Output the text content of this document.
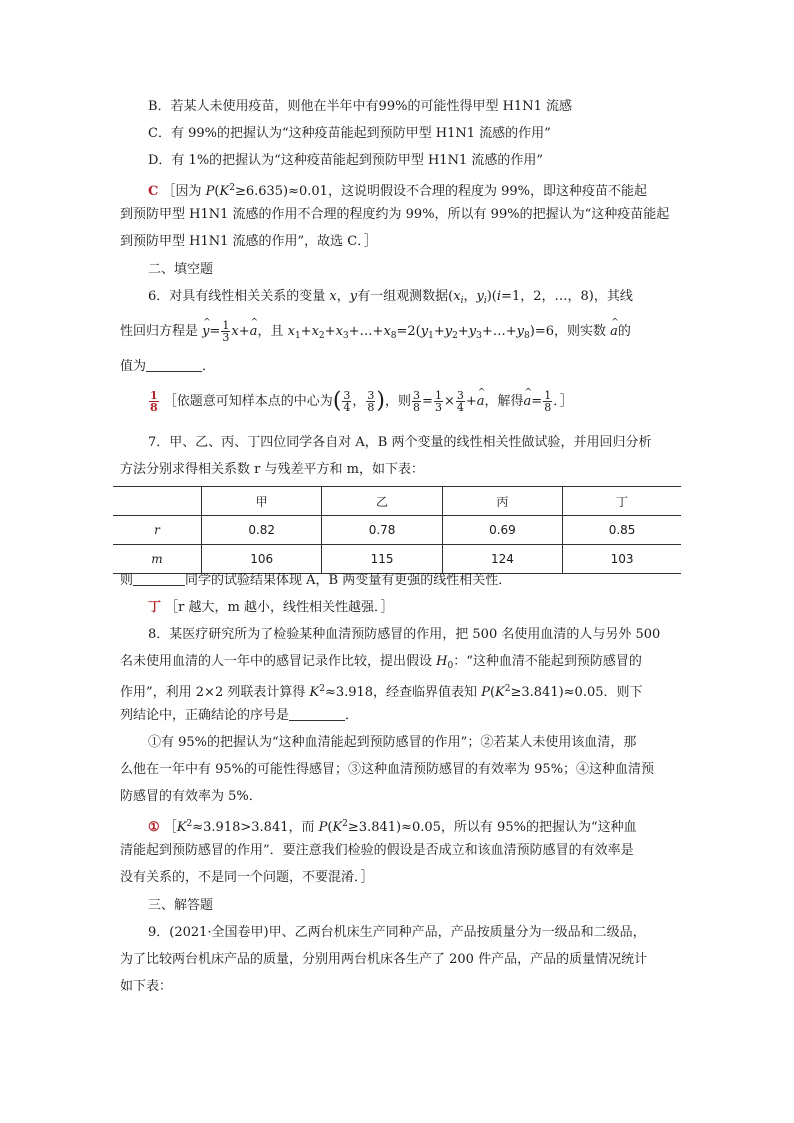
B．若某人未使用疫苗，则他在半年中有99%的可能性得甲型 H1N1 流感
C．有 99%的把握认为“这种疫苗能起到预防甲型 H1N1 流感的作用”
D．有 1%的把握认为“这种疫苗能起到预防甲型 H1N1 流感的作用”
C ［因为 $P(K^2\ge 6.635)\approx 0.01$，这说明假设不合理的程度为 99%，即这种疫苗不能起
到预防甲型 H1N1 流感的作用不合理的程度约为 99%，所以有 99%的把握认为“这种疫苗能起
到预防甲型 H1N1 流感的作用”，故选 C．］
二、填空题
6．对具有线性相关关系的变量 x，y有一组观测数据($x_i$，$y_i)(i=1$，2，…，8)，其线
性回归方程是 ^ $y= \frac{1}{3}$ x+^ a，且 $x_1+x_2+x_3+\dots+x_8=2(y_1+y_2+y_3+\dots+y_8)=6$，则实数 ^ a的
值为	．
$\frac{1}{8}$ ［依题意可知样本点的中心为( $\frac{3}{4}$ ， $\frac{3}{8}$ )，则 $\frac{3}{8} = \frac{1}{3} \times \frac{3}{4}$ +^ a，解得^ $a= \frac{1}{8}$ ．］
7．甲、乙、丙、丁四位同学各自对 A，B 两个变量的线性相关性做试验，并用回归分析
方法分别求得相关系数 r 与残差平方和 m，如下表：
	甲	乙	丙	丁
r	0.82	0.78	0.69	0.85
m	106	115	124	103
则	同学的试验结果体现 A，B 两变量有更强的线性相关性．
丁 ［r 越大，m 越小，线性相关性越强．］
8．某医疗研究所为了检验某种血清预防感冒的作用，把 500 名使用血清的人与另外 500
名未使用血清的人一年中的感冒记录作比较，提出假设 $H_0$：“这种血清不能起到预防感冒的
作用”，利用 2×2 列联表计算得 $K^2\approx 3.918$，经查临界值表知 $P(K^2\ge 3.841)\approx 0.05$．则下
列结论中，正确结论的序号是	．
①有 95%的把握认为“这种血清能起到预防感冒的作用”；②若某人未使用该血清，那
么他在一年中有 95%的可能性得感冒；③这种血清预防感冒的有效率为 95%；④这种血清预
防感冒的有效率为 5%．
① $[K^2\approx 3.918>3.841$，而 $P(K^2\ge 3.841)\approx 0.05$，所以有 95%的把握认为“这种血
清能起到预防感冒的作用”．要注意我们检验的假设是否成立和该血清预防感冒的有效率是
没有关系的，不是同一个问题，不要混淆．］
三、解答题
9．(2021·全国卷甲)甲、乙两台机床生产同种产品，产品按质量分为一级品和二级品，
为了比较两台机床产品的质量，分别用两台机床各生产了 200 件产品，产品的质量情况统计
如下表：
